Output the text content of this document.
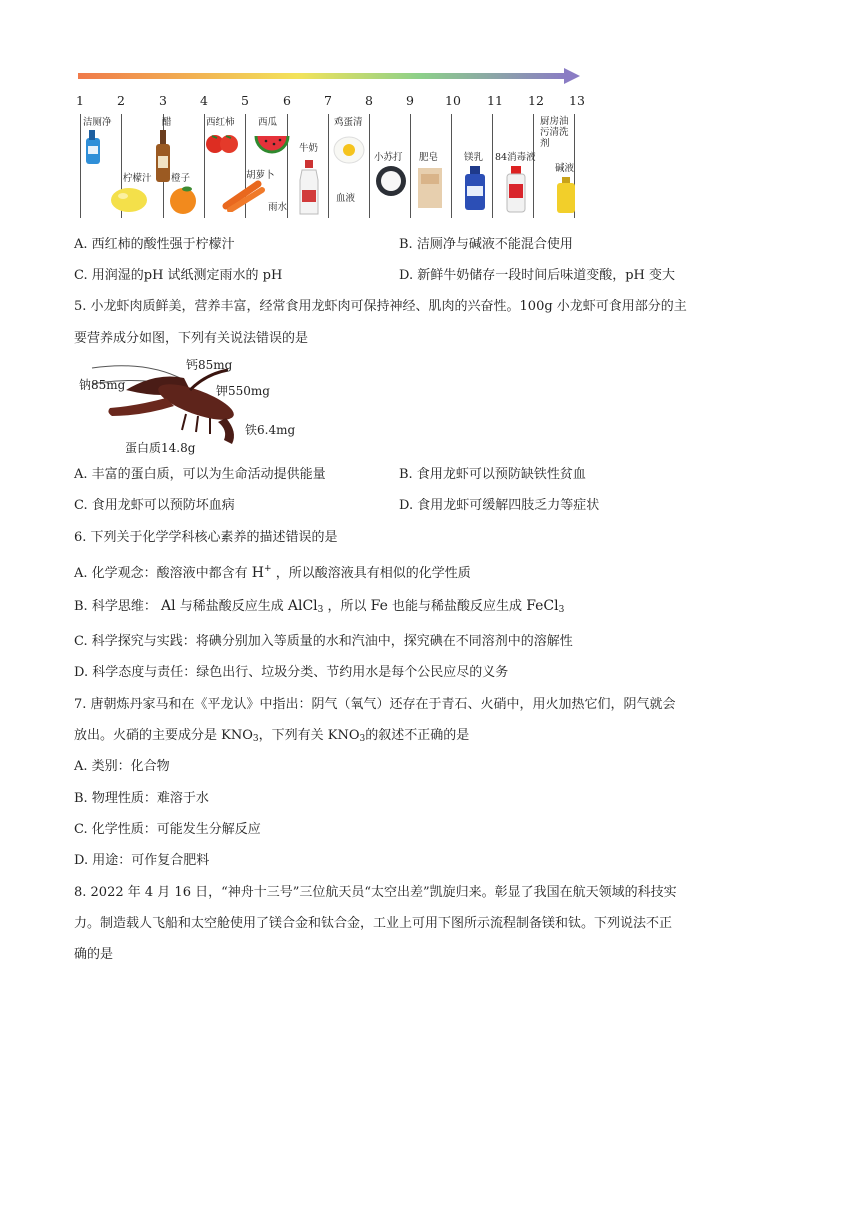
1	2	3	4	5	6	7	8	9 10 11 12 13
洁厕净
柠檬汁
醋
橙子
西红柿 西瓜
胡萝卜
雨水
牛奶
鸡蛋清
血液
小苏打 肥皂	镁乳 84消毒液
厨房油
污清洗
剂
碱液
A. 西红柿的酸性强于柠檬汁	B. 洁厕净与碱液不能混合使用
C. 用润湿的pH 试纸测定雨水的 pH	D. 新鲜牛奶储存一段时间后味道变酸，pH 变大
5. 小龙虾肉质鲜美，营养丰富，经常食用龙虾肉可保持神经、肌肉的兴奋性。100g 小龙虾可食用部分的主
要营养成分如图，下列有关说法错误的是
钙85mg
钠85mg	钾550mg
铁6.4mg
蛋白质14.8g
A. 丰富的蛋白质，可以为生命活动提供能量	B. 食用龙虾可以预防缺铁性贫血
C. 食用龙虾可以预防坏血病	D. 食用龙虾可缓解四肢乏力等症状
6. 下列关于化学学科核心素养的描述错误的是
A. 化学观念：酸溶液中都含有 H+ ，所以酸溶液具有相似的化学性质
B. 科学思维： Al 与稀盐酸反应生成 AlCl$_3$ ，所以 Fe 也能与稀盐酸反应生成 FeCl$_3$
C. 科学探究与实践：将碘分别加入等质量的水和汽油中，探究碘在不同溶剂中的溶解性
D. 科学态度与责任：绿色出行、垃圾分类、节约用水是每个公民应尽的义务
7. 唐朝炼丹家马和在《平龙认》中指出：阴气（氧气）还存在于青石、火硝中，用火加热它们，阴气就会
放出。火硝的主要成分是 $KNO_3$，下列有关 $KNO_3$的叙述不正确的是
A. 类别：化合物
B. 物理性质：难溶于水
C. 化学性质：可能发生分解反应
D. 用途：可作复合肥料
8. 2022 年 4 月 16 日，“神舟十三号”三位航天员“太空出差”凯旋归来。彰显了我国在航天领域的科技实
力。制造载人飞船和太空舱使用了镁合金和钛合金，工业上可用下图所示流程制备镁和钛。下列说法不正
确的是
